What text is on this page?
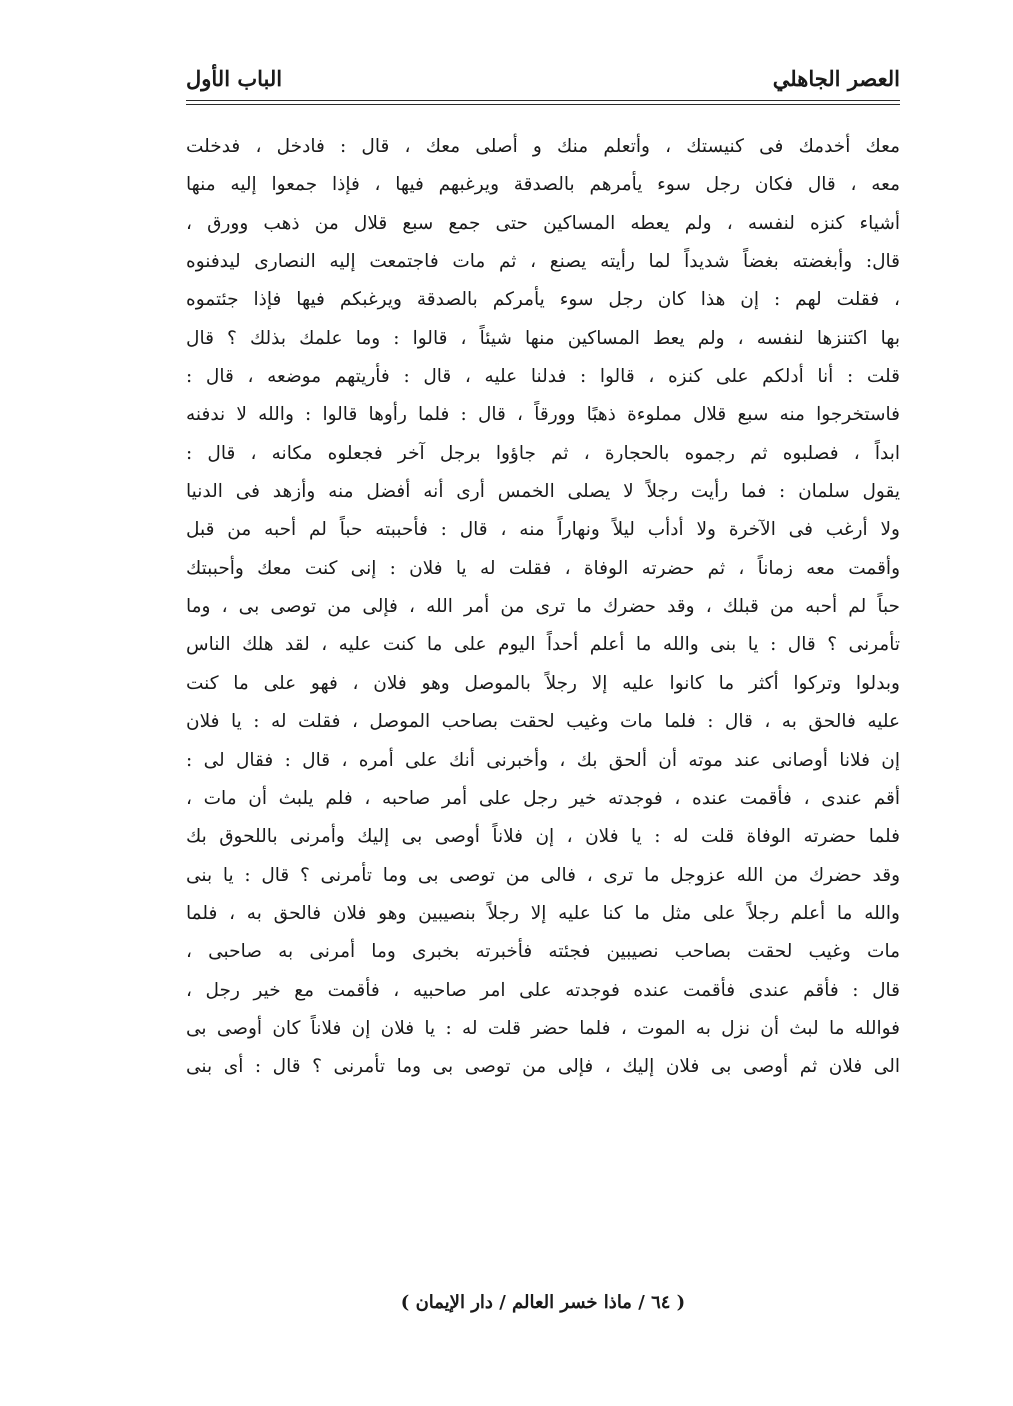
العصر الجاهلي
الباب الأول
معك أخدمك فى كنيستك ، وأتعلم منك و أصلى معك ، قال : فادخل ، فدخلت
معه ، قال فكان رجل سوء يأمرهم بالصدقة ويرغبهم فيها ، فإذا جمعوا إليه منها
أشياء كنزه لنفسه ، ولم يعطه المساكين حتى جمع سبع قلال من ذهب وورق ،
قال: وأبغضته بغضاً شديداً لما رأيته يصنع ، ثم مات فاجتمعت إليه النصارى ليدفنوه
، فقلت لهم : إن هذا كان رجل سوء يأمركم بالصدقة ويرغبكم فيها فإذا جئتموه
بها اكتنزها لنفسه ، ولم يعط المساكين منها شيئاً ، قالوا : وما علمك بذلك ؟ قال
قلت : أنا أدلكم على كنزه ، قالوا : فدلنا عليه ، قال : فأريتهم موضعه ، قال :
فاستخرجوا منه سبع قلال مملوءة ذهبًا وورقاً ، قال : فلما رأوها قالوا : والله لا ندفنه
ابداً ، فصلبوه ثم رجموه بالحجارة ، ثم جاؤوا برجل آخر فجعلوه مكانه ، قال :
يقول سلمان : فما رأيت رجلاً لا يصلى الخمس أرى أنه أفضل منه وأزهد فى الدنيا
ولا أرغب فى الآخرة ولا أدأب ليلاً ونهاراً منه ، قال : فأحببته حباً لم أحبه من قبل
وأقمت معه زماناً ، ثم حضرته الوفاة ، فقلت له يا فلان : إنى كنت معك وأحببتك
حباً لم أحبه من قبلك ، وقد حضرك ما ترى من أمر الله ، فإلى من توصى بى ، وما
تأمرنى ؟ قال : يا بنى والله ما أعلم أحداً اليوم على ما كنت عليه ، لقد هلك الناس
وبدلوا وتركوا أكثر ما كانوا عليه إلا رجلاً بالموصل وهو فلان ، فهو على ما كنت
عليه فالحق به ، قال : فلما مات وغيب لحقت بصاحب الموصل ، فقلت له : يا فلان
إن فلانا أوصانى عند موته أن ألحق بك ، وأخبرنى أنك على أمره ، قال : فقال لى :
أقم عندى ، فأقمت عنده ، فوجدته خير رجل على أمر صاحبه ، فلم يلبث أن مات ،
فلما حضرته الوفاة قلت له : يا فلان ، إن فلاناً أوصى بى إليك وأمرنى باللحوق بك
وقد حضرك من الله عزوجل ما ترى ، فالى من توصى بى وما تأمرنى ؟ قال : يا بنى
والله ما أعلم رجلاً على مثل ما كنا عليه إلا رجلاً بنصيبين وهو فلان فالحق به ، فلما
مات وغيب لحقت بصاحب نصيبين فجئته فأخبرته بخبرى وما أمرنى به صاحبى ،
قال : فأقم عندى فأقمت عنده فوجدته على امر صاحبيه ، فأقمت مع خير رجل ،
فوالله ما لبث أن نزل به الموت ، فلما حضر قلت له : يا فلان إن فلاناً كان أوصى بى
الى فلان ثم أوصى بى فلان إليك ، فإلى من توصى بى وما تأمرنى ؟ قال : أى بنى
( ٦٤ / ماذا خسر العالم / دار الإيمان )
